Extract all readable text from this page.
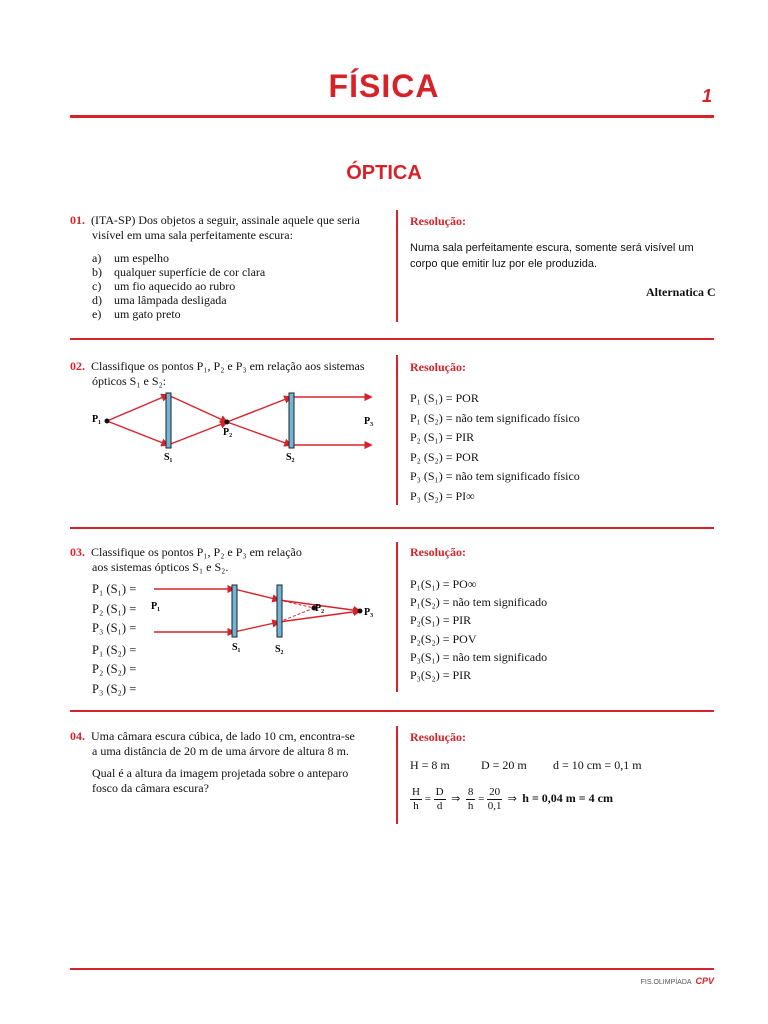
FÍSICA	1
ÓPTICA
01. (ITA-SP) Dos objetos a seguir, assinale aquele que seria
visível em uma sala perfeitamente escura:
a) um espelho
b) qualquer superfície de cor clara
c) um fio aquecido ao rubro
d) uma lâmpada desligada
e) um gato preto
Resolução:
Numa sala perfeitamente escura, somente será visível um
corpo que emitir luz por ele produzida.
Alternatica C
02. Classifique os pontos P₁, P₂ e P₃ em relação aos sistemas
ópticos S₁ e S₂:
P₁
P₂
P₃
S₁	S₂
Resolução:
P₁ (S₁) = POR
P₁ (S₂) = não tem significado físico
P₂ (S₁) = PIR
P₂ (S₂) = POR
P₃ (S₁) = não tem significado físico
P₃ (S₂) = PI∞
03. Classifique os pontos P₁, P₂ e P₃ em relação
aos sistemas ópticos S₁ e S₂.
P₁ (S₁) =
P₂ (S₁) =
P₃ (S₁) =
P₁ (S₂) =
P₂ (S₂) =
P₃ (S₂) =
P₁	P₂	P₃
S₁	S₂
Resolução:
P₁(S₁) = PO∞
P₁(S₂) = não tem significado
P₂(S₁) = PIR
P₂(S₂) = POV
P₃(S₁) = não tem significado
P₃(S₂) = PIR
04. Uma câmara escura cúbica, de lado 10 cm, encontra-se
a uma distância de 20 m de uma árvore de altura 8 m.
Qual é a altura da imagem projetada sobre o anteparo
fosco da câmara escura?
Resolução:
H = 8 m	D = 20 m d = 10 cm = 0,1 m
$\frac{H}{h} = \frac{D}{d}$ ⇒ $\frac{8}{h} = \frac{20}{0,1}$ ⇒ h = 0,04 m = 4 cm
FIS.OLIMPÍADA CPV
